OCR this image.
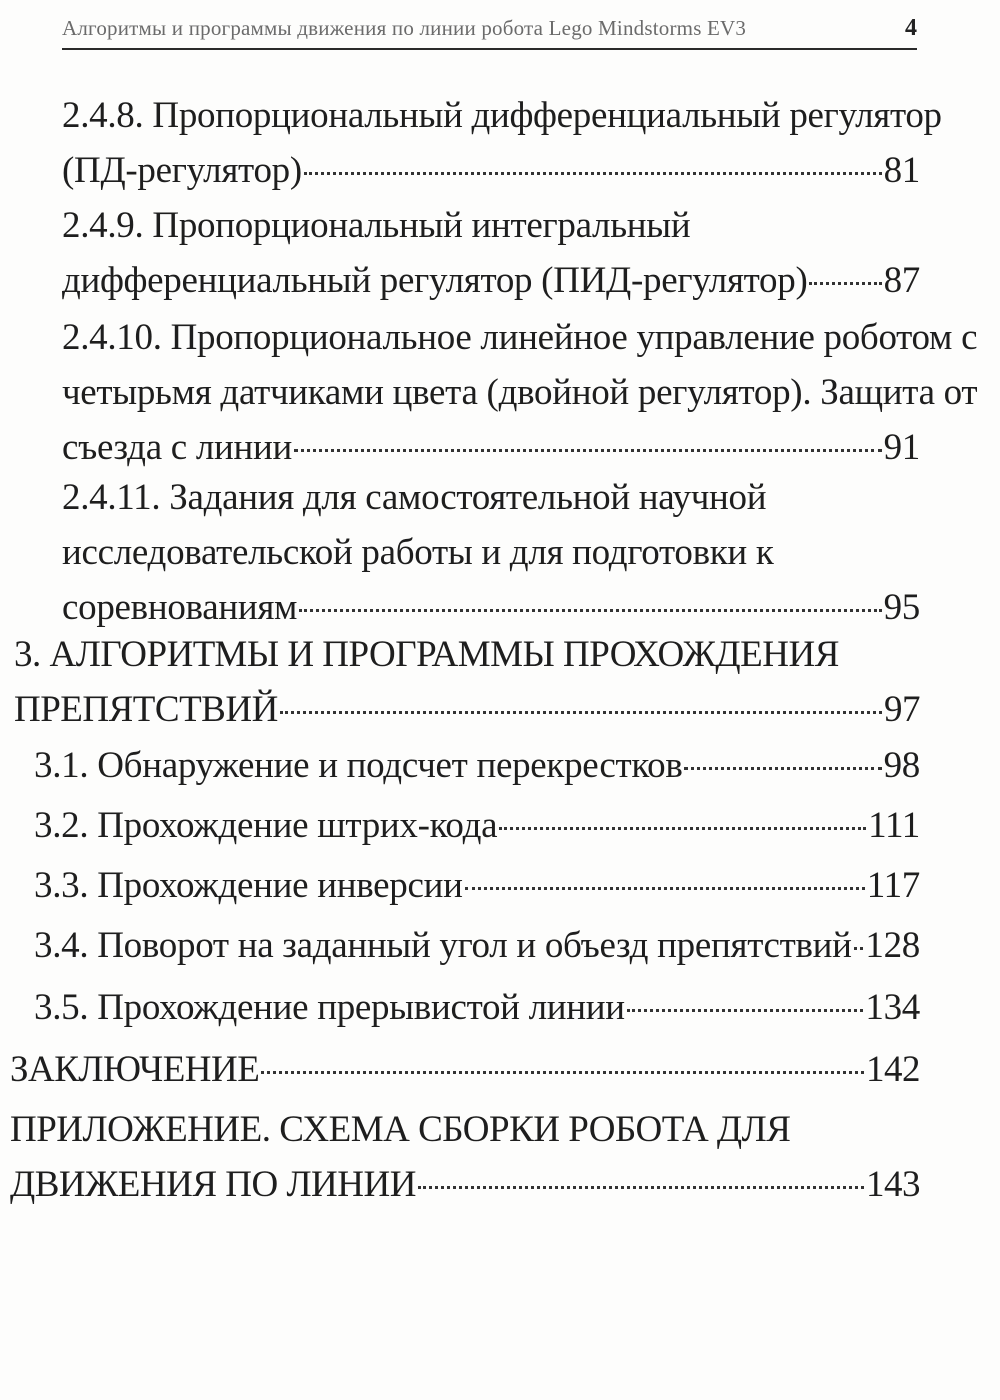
Алгоритмы и программы движения по линии робота Lego Mindstorms EV3	4
2.4.8. Пропорциональный дифференциальный регулятор
(ПД-регулятор)	81
2.4.9. Пропорциональный интегральный
дифференциальный регулятор (ПИД-регулятор) 87
2.4.10. Пропорциональное линейное управление роботом с
четырьмя датчиками цвета (двойной регулятор). Защита от
съезда с линии	91
2.4.11. Задания для самостоятельной научной
исследовательской работы и для подготовки к
соревнованиям	95
3. АЛГОРИТМЫ И ПРОГРАММЫ ПРОХОЖДЕНИЯ
ПРЕПЯТСТВИЙ	97
3.1. Обнаружение и подсчет перекрестков	98
3.2. Прохождение штрих-кода	111
3.3. Прохождение инверсии	117
3.4. Поворот на заданный угол и объезд препятствий 128
3.5. Прохождение прерывистой линии	134
ЗАКЛЮЧЕНИЕ	142
ПРИЛОЖЕНИЕ. СХЕМА СБОРКИ РОБОТА ДЛЯ
ДВИЖЕНИЯ ПО ЛИНИИ	143
